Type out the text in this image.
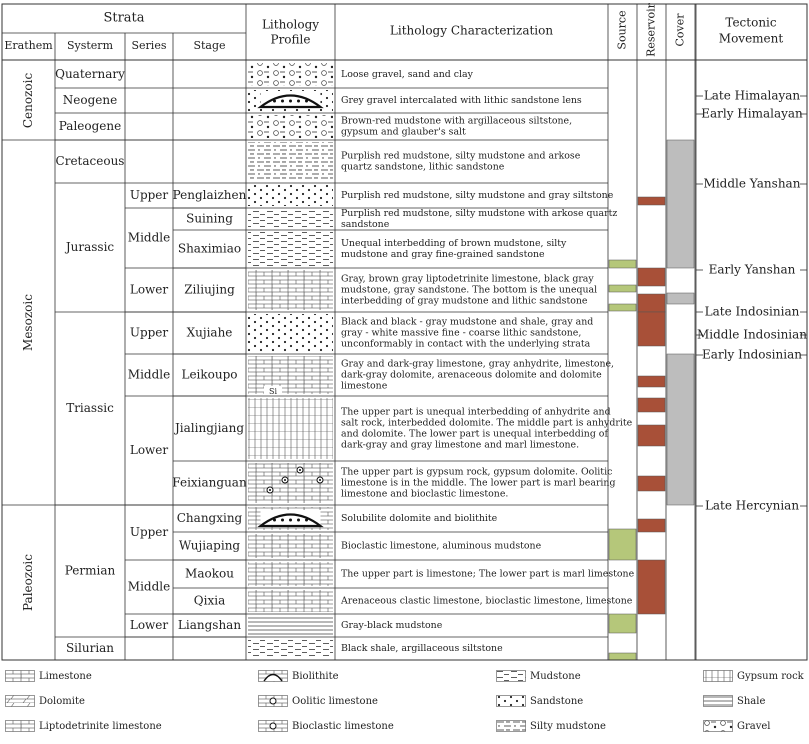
Si
Strata
Erathem Systerm Series Stage
Lithology
Profile
Lithology Characterization	Source Reservoir Cover	Tectonic
Movement
Cenozoic
Mesozoic
Paleozoic
Quaternary
Neogene
Paleogene
Cretaceous
Jurassic
Triassic
Permian
Silurian
Upper
Middle
Lower
Upper
Middle
Lower
Upper
Middle
Lower
Penglaizhen
Suining
Shaximiao
Ziliujing
Xujiahe
Leikoupo
Jialingjiang
Feixianguan
Changxing
Wujiaping
Maokou
Qixia
Liangshan
Loose gravel, sand and clay
Grey gravel intercalated with lithic sandstone lens
Brown-red mudstone with argillaceous siltstone,
gypsum and glauber's salt
Purplish red mudstone, silty mudstone and arkose
quartz sandstone, lithic sandstone
Purplish red mudstone, silty mudstone and gray siltstone
Purplish red mudstone, silty mudstone with arkose quartz
sandstone
Unequal interbedding of brown mudstone, silty
mudstone and gray fine-grained sandstone
Gray, brown gray liptodetrinite limestone, black gray
mudstone, gray sandstone. The bottom is the unequal
interbedding of gray mudstone and lithic sandstone
Black and black - gray mudstone and shale, gray and
gray - white massive fine - coarse lithic sandstone,
unconformably in contact with the underlying strata
Gray and dark-gray limestone, gray anhydrite, limestone,
dark-gray dolomite, arenaceous dolomite and dolomite
limestone
The upper part is unequal interbedding of anhydrite and
salt rock, interbedded dolomite. The middle part is anhydrite
and dolomite. The lower part is unequal interbedding of
dark-gray and gray limestone and marl limestone.
The upper part is gypsum rock, gypsum dolomite. Oolitic
limestone is in the middle. The lower part is marl bearing
limestone and bioclastic limestone.
Solubilite dolomite and biolithite
Bioclastic limestone, aluminous mudstone
The upper part is limestone; The lower part is marl limestone
Arenaceous clastic limestone, bioclastic limestone, limestone
Gray-black mudstone
Black shale, argillaceous siltstone
Late Himalayan
Early Himalayan
Middle Yanshan
Early Yanshan
Late Indosinian
Middle Indosinian
Early Indosinian
Late Hercynian
Limestone
Dolomite
Liptodetrinite limestone
Biolithite
Oolitic limestone
Bioclastic limestone
Mudstone
Sandstone
Silty mudstone
Gypsum rock
Shale
Gravel
